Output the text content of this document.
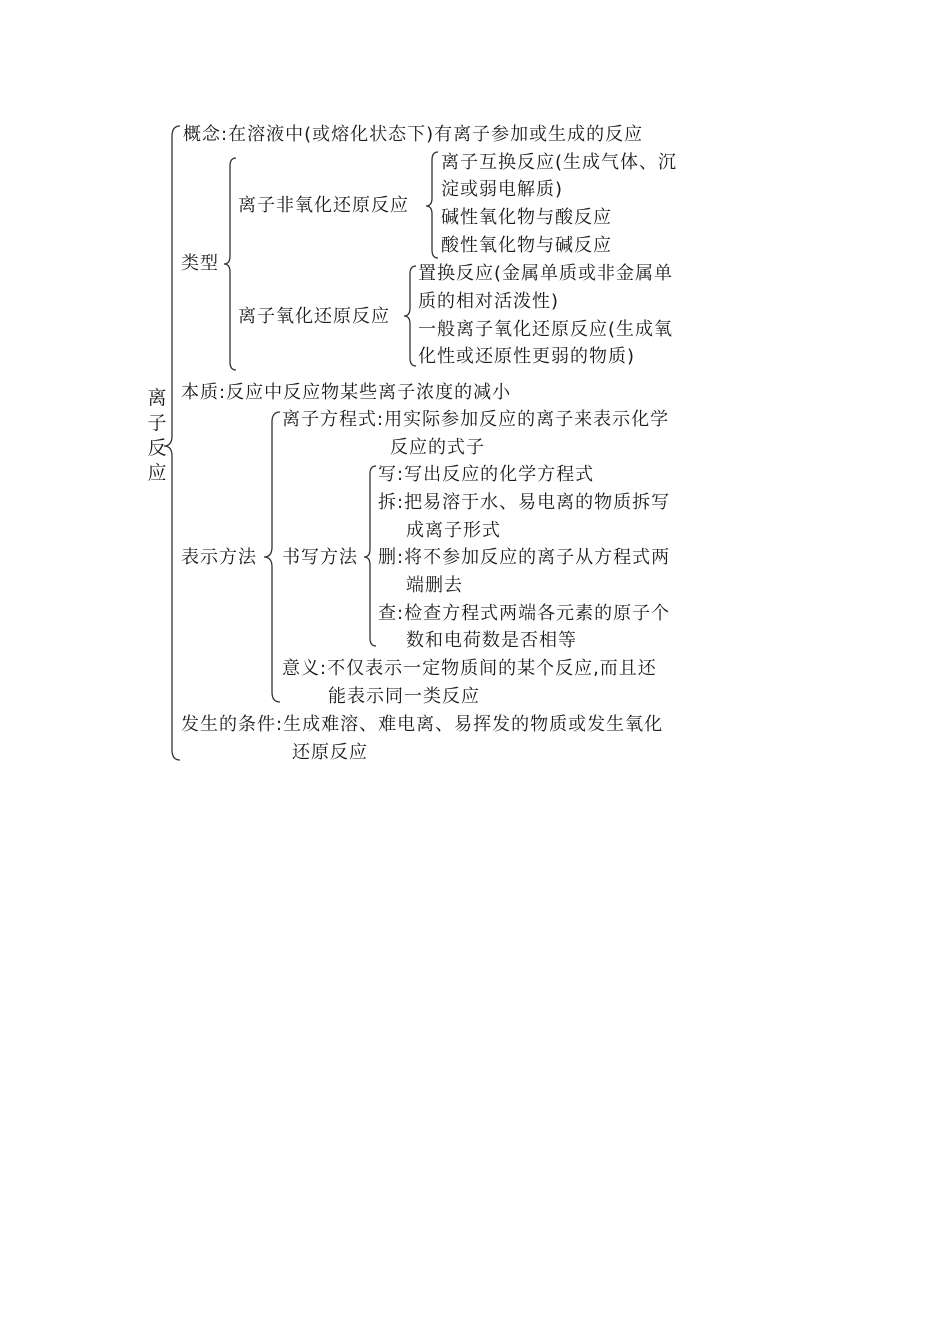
离
子
反
应
概念:在溶液中(或熔化状态下)有离子参加或生成的反应
类型
离子非氧化还原反应
离子互换反应(生成气体、沉
淀或弱电解质)
碱性氧化物与酸反应
酸性氧化物与碱反应
离子氧化还原反应
置换反应(金属单质或非金属单
质的相对活泼性)
一般离子氧化还原反应(生成氧
化性或还原性更弱的物质)
本质:反应中反应物某些离子浓度的减小
表示方法
离子方程式:用实际参加反应的离子来表示化学
反应的式子
书写方法
写:写出反应的化学方程式
拆:把易溶于水、易电离的物质拆写
成离子形式
删:将不参加反应的离子从方程式两
端删去
查:检查方程式两端各元素的原子个
数和电荷数是否相等
意义:不仅表示一定物质间的某个反应,而且还
能表示同一类反应
发生的条件:生成难溶、难电离、易挥发的物质或发生氧化
还原反应
